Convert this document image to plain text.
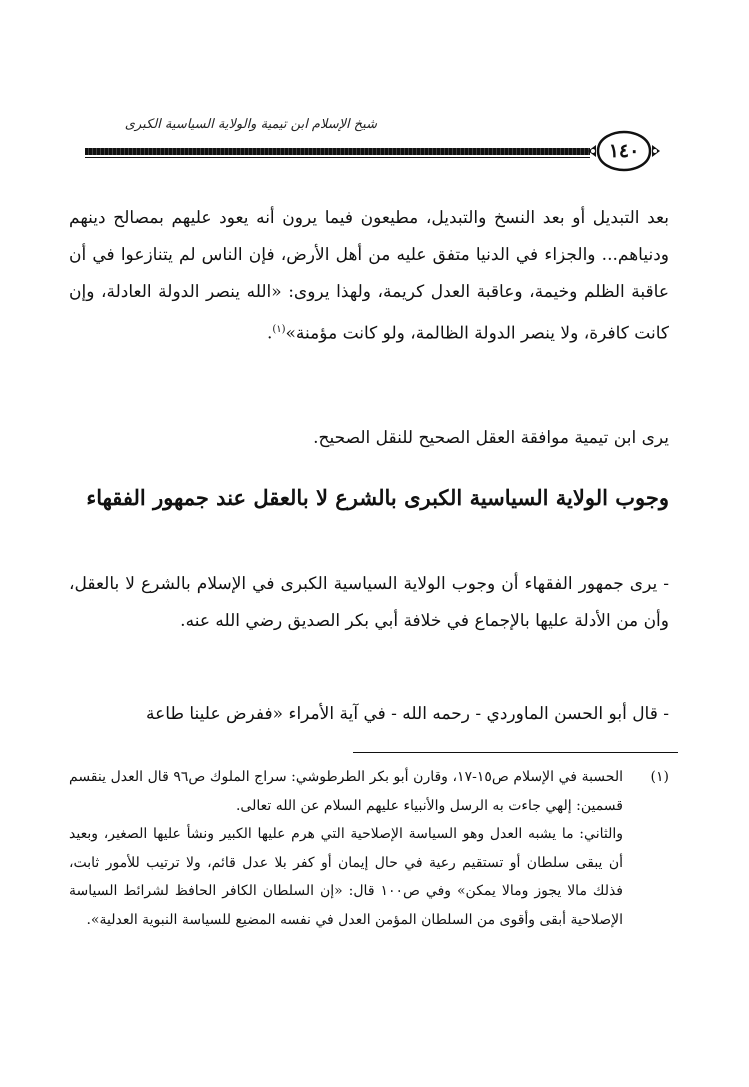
شيخ الإسلام ابن تيمية والولاية السياسية الكبرى
١٤٠
بعد التبديل أو بعد النسخ والتبديل، مطيعون فيما يرون أنه يعود عليهم بمصالح دينهم ودنياهم... والجزاء في الدنيا متفق عليه من أهل الأرض، فإن الناس لم يتنازعوا في أن عاقبة الظلم وخيمة، وعاقبة العدل كريمة، ولهذا يروى: «الله ينصر الدولة العادلة، وإن كانت كافرة، ولا ينصر الدولة الظالمة، ولو كانت مؤمنة»$^{(١)}$.
يرى ابن تيمية موافقة العقل الصحيح للنقل الصحيح.
وجوب الولاية السياسية الكبرى بالشرع لا بالعقل عند جمهور الفقهاء
- يرى جمهور الفقهاء أن وجوب الولاية السياسية الكبرى في الإسلام بالشرع لا بالعقل، وأن من الأدلة عليها بالإجماع في خلافة أبي بكر الصديق رضي الله عنه.
- قال أبو الحسن الماوردي - رحمه الله - في آية الأمراء «ففرض علينا طاعة
(١)
الحسبة في الإسلام ص١٥-١٧، وقارن أبو بكر الطرطوشي: سراج الملوك ص٩٦ قال العدل ينقسم قسمين: إلهي جاءت به الرسل والأنبياء عليهم السلام عن الله تعالى.
والثاني: ما يشبه العدل وهو السياسة الإصلاحية التي هرم عليها الكبير ونشأ عليها الصغير، وبعيد أن يبقى سلطان أو تستقيم رعية في حال إيمان أو كفر بلا عدل قائم، ولا ترتيب للأمور ثابت، فذلك مالا يجوز ومالا يمكن» وفي ص١٠٠ قال: «إن السلطان الكافر الحافظ لشرائط السياسة الإصلاحية أبقى وأقوى من السلطان المؤمن العدل في نفسه المضيع للسياسة النبوية العدلية».
